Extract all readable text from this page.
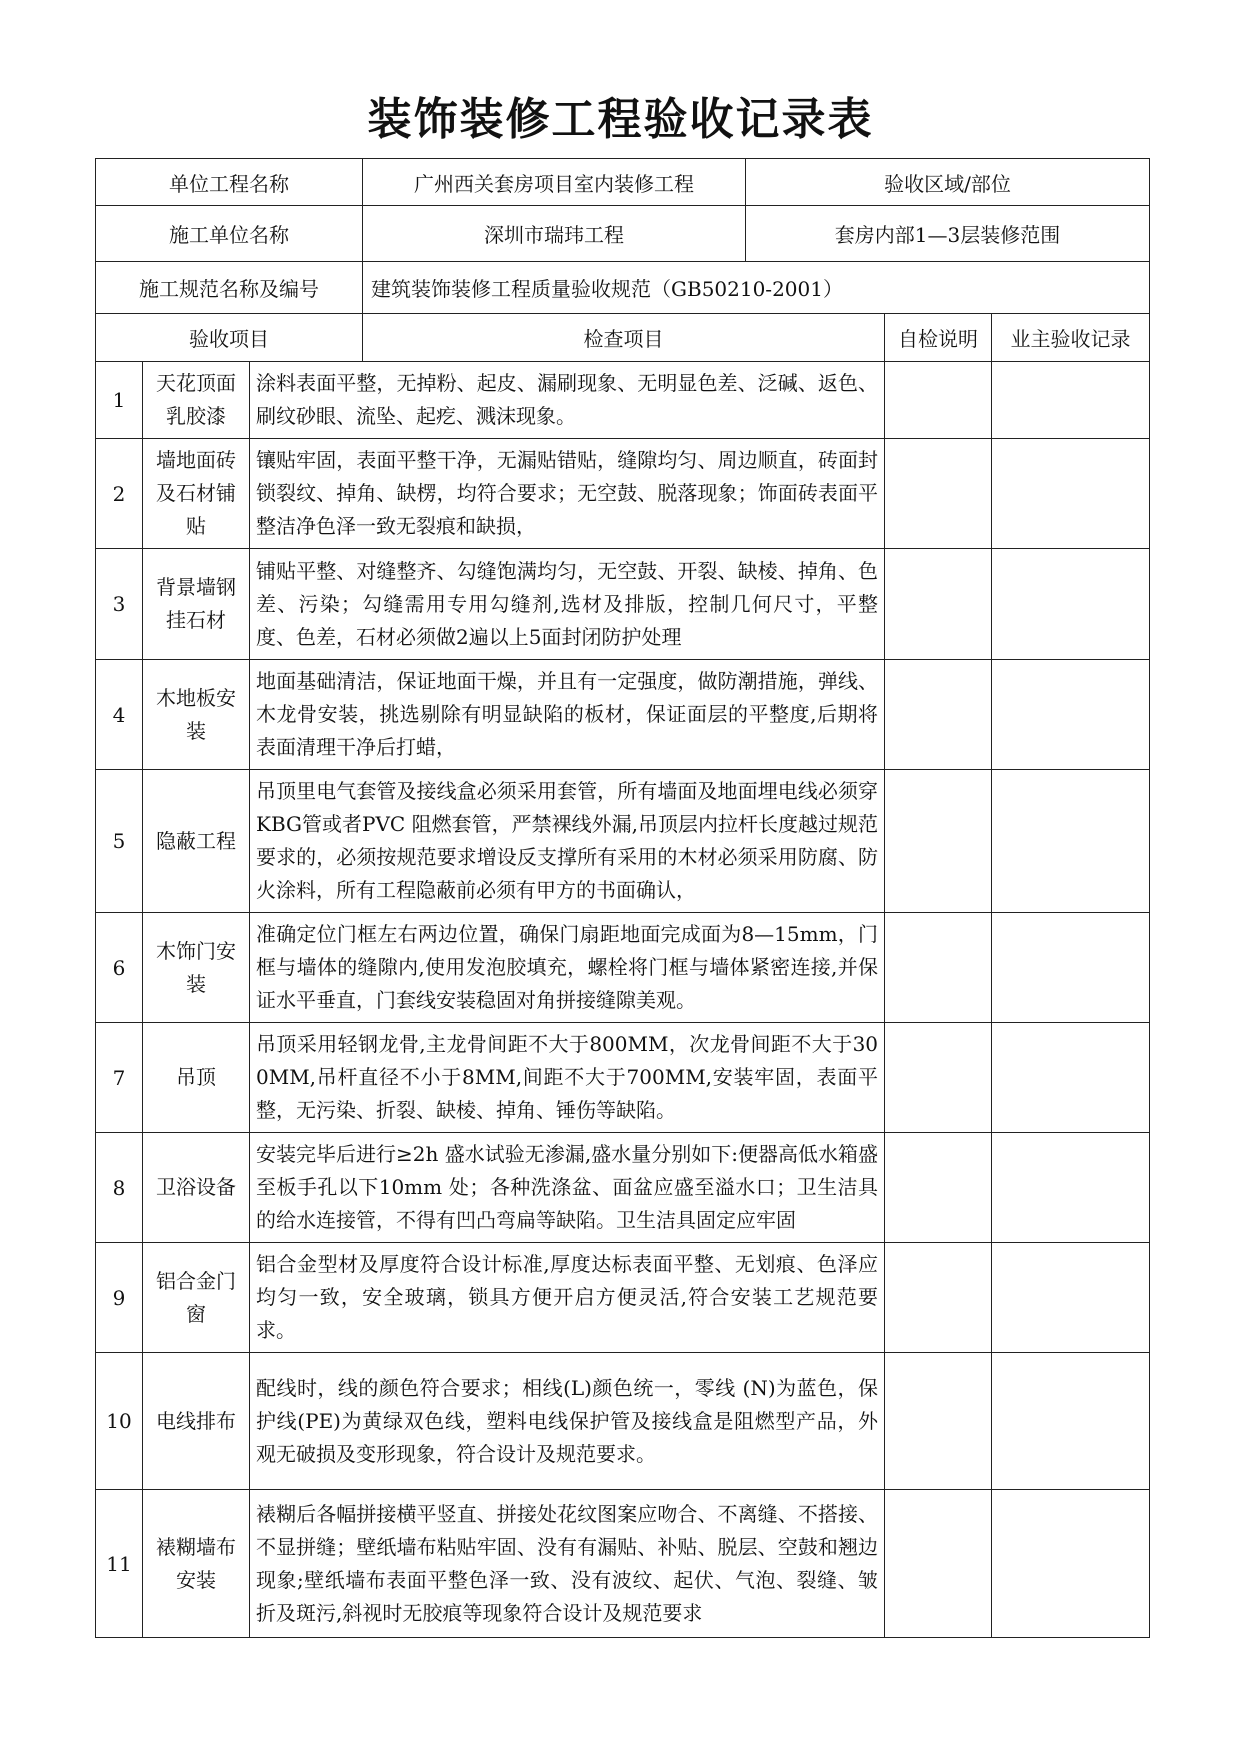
装饰装修工程验收记录表
单位工程名称			广州西关套房项目室内装修工程	验收区域/部位		
施工单位名称			深圳市瑞玮工程	套房内部1—3层装修范围		
施工规范名称及编号			建筑装饰装修工程质量验收规范（GB50210-2001）			
验收项目			检查项目		自检说明	业主验收记录
1	天花顶面乳胶漆	涂料表面平整，无掉粉、起皮、漏刷现象、无明显色差、泛碱、返色、刷纹砂眼、流坠、起疙、溅沫现象。				
2	墙地面砖及石材铺贴	镶贴牢固，表面平整干净，无漏贴错贴，缝隙均匀、周边顺直，砖面封锁裂纹、掉角、缺楞，均符合要求；无空鼓、脱落现象；饰面砖表面平整洁净色泽一致无裂痕和缺损，				
3	背景墙钢挂石材	铺贴平整、对缝整齐、勾缝饱满均匀，无空鼓、开裂、缺棱、掉角、色差、污染；勾缝需用专用勾缝剂,选材及排版，控制几何尺寸，平整度、色差，石材必须做2遍以上5面封闭防护处理				
4	木地板安装	地面基础清洁，保证地面干燥，并且有一定强度，做防潮措施，弹线、木龙骨安装，挑选剔除有明显缺陷的板材，保证面层的平整度,后期将表面清理干净后打蜡，				
5	隐蔽工程	吊顶里电气套管及接线盒必须采用套管，所有墙面及地面埋电线必须穿KBG管或者PVC 阻燃套管，严禁裸线外漏,吊顶层内拉杆长度越过规范要求的，必须按规范要求增设反支撑所有采用的木材必须采用防腐、防火涂料，所有工程隐蔽前必须有甲方的书面确认，				
6	木饰门安装	准确定位门框左右两边位置，确保门扇距地面完成面为8—15mm，门框与墙体的缝隙内,使用发泡胶填充，螺栓将门框与墙体紧密连接,并保证水平垂直，门套线安装稳固对角拼接缝隙美观。				
7	吊顶	吊顶采用轻钢龙骨,主龙骨间距不大于800MM，次龙骨间距不大于300MM,吊杆直径不小于8MM,间距不大于700MM,安装牢固，表面平整，无污染、折裂、缺棱、掉角、锤伤等缺陷。				
8	卫浴设备	安装完毕后进行≥2h 盛水试验无渗漏,盛水量分别如下:便器高低水箱盛至板手孔以下10mm 处；各种洗涤盆、面盆应盛至溢水口；卫生洁具的给水连接管，不得有凹凸弯扁等缺陷。卫生洁具固定应牢固				
9	铝合金门窗	铝合金型材及厚度符合设计标准,厚度达标表面平整、无划痕、色泽应均匀一致，安全玻璃，锁具方便开启方便灵活,符合安装工艺规范要求。				
10	电线排布	配线时，线的颜色符合要求；相线(L)颜色统一，零线 (N)为蓝色，保护线(PE)为黄绿双色线，塑料电线保护管及接线盒是阻燃型产品，外观无破损及变形现象，符合设计及规范要求。				
11	裱糊墙布安装	裱糊后各幅拼接横平竖直、拼接处花纹图案应吻合、不离缝、不搭接、不显拼缝；壁纸墙布粘贴牢固、没有有漏贴、补贴、脱层、空鼓和翘边现象;壁纸墙布表面平整色泽一致、没有波纹、起伏、气泡、裂缝、皱折及斑污,斜视时无胶痕等现象符合设计及规范要求				
